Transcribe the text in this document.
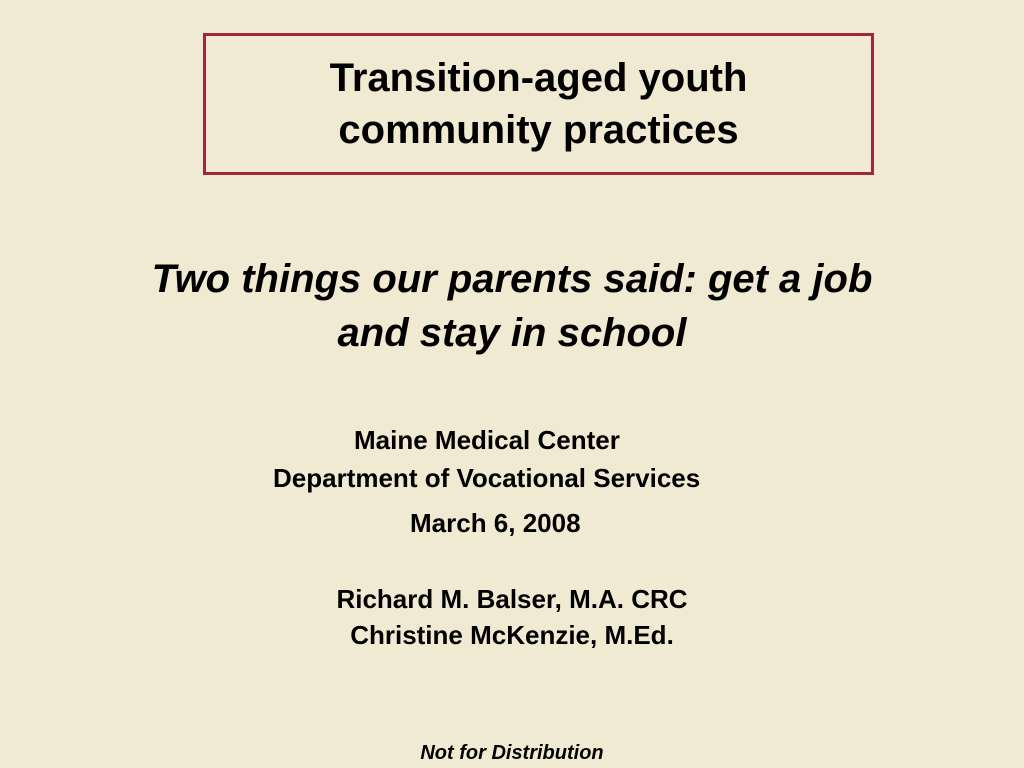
Transition-aged youth
community practices
Two things our parents said: get a job
and stay in school
Maine Medical Center
Department of Vocational Services
March 6, 2008
Richard M. Balser, M.A. CRC
Christine McKenzie, M.Ed.
Not for Distribution
